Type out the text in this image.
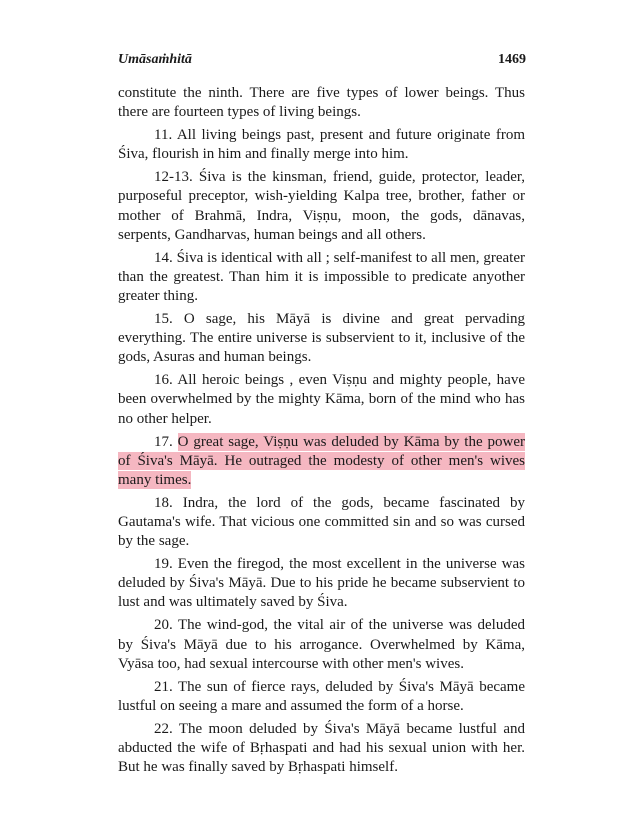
Umāsaṁhitā	1469

constitute the ninth. There are five types of lower beings. Thus there are fourteen types of living beings.

11. All living beings past, present and future originate from Śiva, flourish in him and finally merge into him.

12-13. Śiva is the kinsman, friend, guide, protector, leader, purposeful preceptor, wish-yielding Kalpa tree, brother, father or mother of Brahmā, Indra, Viṣṇu, moon, the gods, dānavas, serpents, Gandharvas, human beings and all others.

14. Śiva is identical with all ; self-manifest to all men, greater than the greatest. Than him it is impossible to predicate anyother greater thing.

15. O sage, his Māyā is divine and great pervading everything. The entire universe is subservient to it, inclusive of the gods, Asuras and human beings.

16. All heroic beings , even Viṣṇu and mighty people, have been overwhelmed by the mighty Kāma, born of the mind who has no other helper.

17. O great sage, Viṣṇu was deluded by Kāma by the power of Śiva's Māyā. He outraged the modesty of other men's wives many times.

18. Indra, the lord of the gods, became fascinated by Gautama's wife. That vicious one committed sin and so was cursed by the sage.

19. Even the firegod, the most excellent in the universe was deluded by Śiva's Māyā. Due to his pride he became subservient to lust and was ultimately saved by Śiva.

20. The wind-god, the vital air of the universe was deluded by Śiva's Māyā due to his arrogance. Overwhelmed by Kāma, Vyāsa too, had sexual intercourse with other men's wives.

21. The sun of fierce rays, deluded by Śiva's Māyā became lustful on seeing a mare and assumed the form of a horse.

22. The moon deluded by Śiva's Māyā became lustful and abducted the wife of Bṛhaspati and had his sexual union with her. But he was finally saved by Bṛhaspati himself.
